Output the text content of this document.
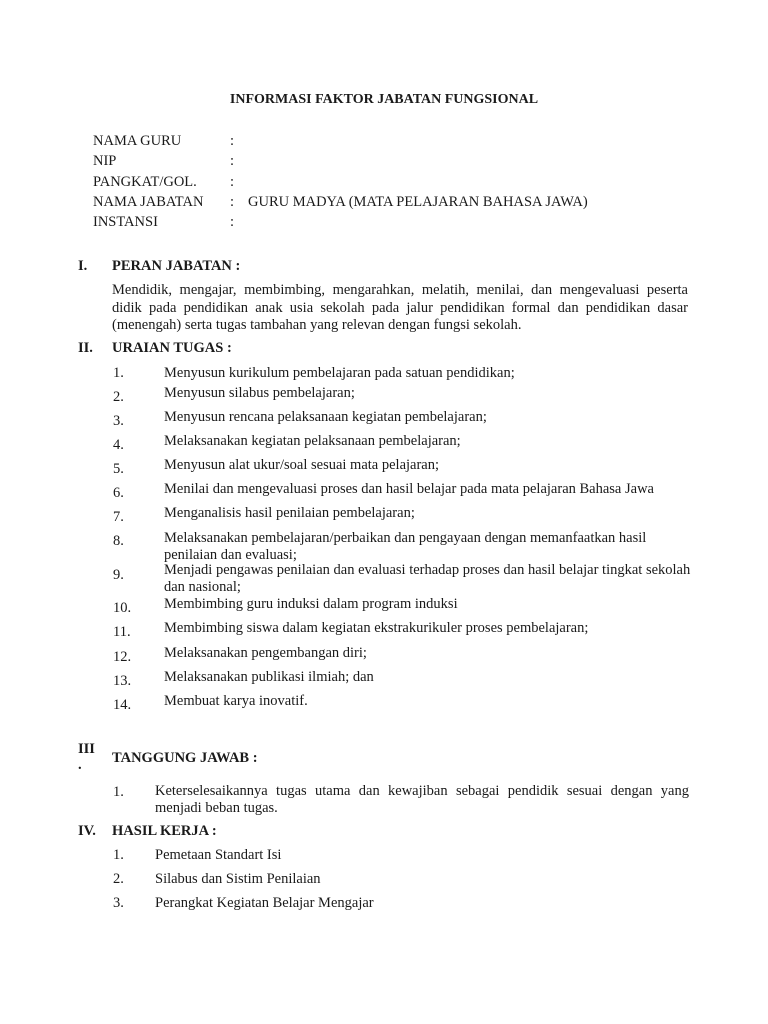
INFORMASI FAKTOR JABATAN FUNGSIONAL
NAMA GURU	:
NIP	:
PANGKAT/GOL. :
NAMA JABATAN : GURU MADYA (MATA PELAJARAN BAHASA JAWA)
INSTANSI	:
I. PERAN JABATAN :
Mendidik, mengajar, membimbing, mengarahkan, melatih, menilai, dan mengevaluasi peserta didik pada pendidikan anak usia sekolah pada jalur pendidikan formal dan pendidikan dasar (menengah) serta tugas tambahan yang relevan dengan fungsi sekolah.
II. URAIAN TUGAS :
1.	Menyusun kurikulum pembelajaran pada satuan pendidikan;
2.	Menyusun silabus pembelajaran;
3.	Menyusun rencana pelaksanaan kegiatan pembelajaran;
4.	Melaksanakan kegiatan pelaksanaan pembelajaran;
5.	Menyusun alat ukur/soal sesuai mata pelajaran;
6.	Menilai dan mengevaluasi proses dan hasil belajar pada mata pelajaran Bahasa Jawa
7.	Menganalisis hasil penilaian pembelajaran;
8.	Melaksanakan pembelajaran/perbaikan dan pengayaan dengan memanfaatkan hasil penilaian dan evaluasi;
9.	Menjadi pengawas penilaian dan evaluasi terhadap proses dan hasil belajar tingkat sekolah dan nasional;
10. Membimbing guru induksi dalam program induksi
11. Membimbing siswa dalam kegiatan ekstrakurikuler proses pembelajaran;
12. Melaksanakan pengembangan diri;
13. Melaksanakan publikasi ilmiah; dan
14. Membuat karya inovatif.
III
. TANGGUNG JAWAB :
1. Keterselesaikannya tugas utama dan kewajiban sebagai pendidik sesuai dengan yang menjadi beban tugas.
IV. HASIL KERJA :
1. Pemetaan Standart Isi
2. Silabus dan Sistim Penilaian
3. Perangkat Kegiatan Belajar Mengajar
